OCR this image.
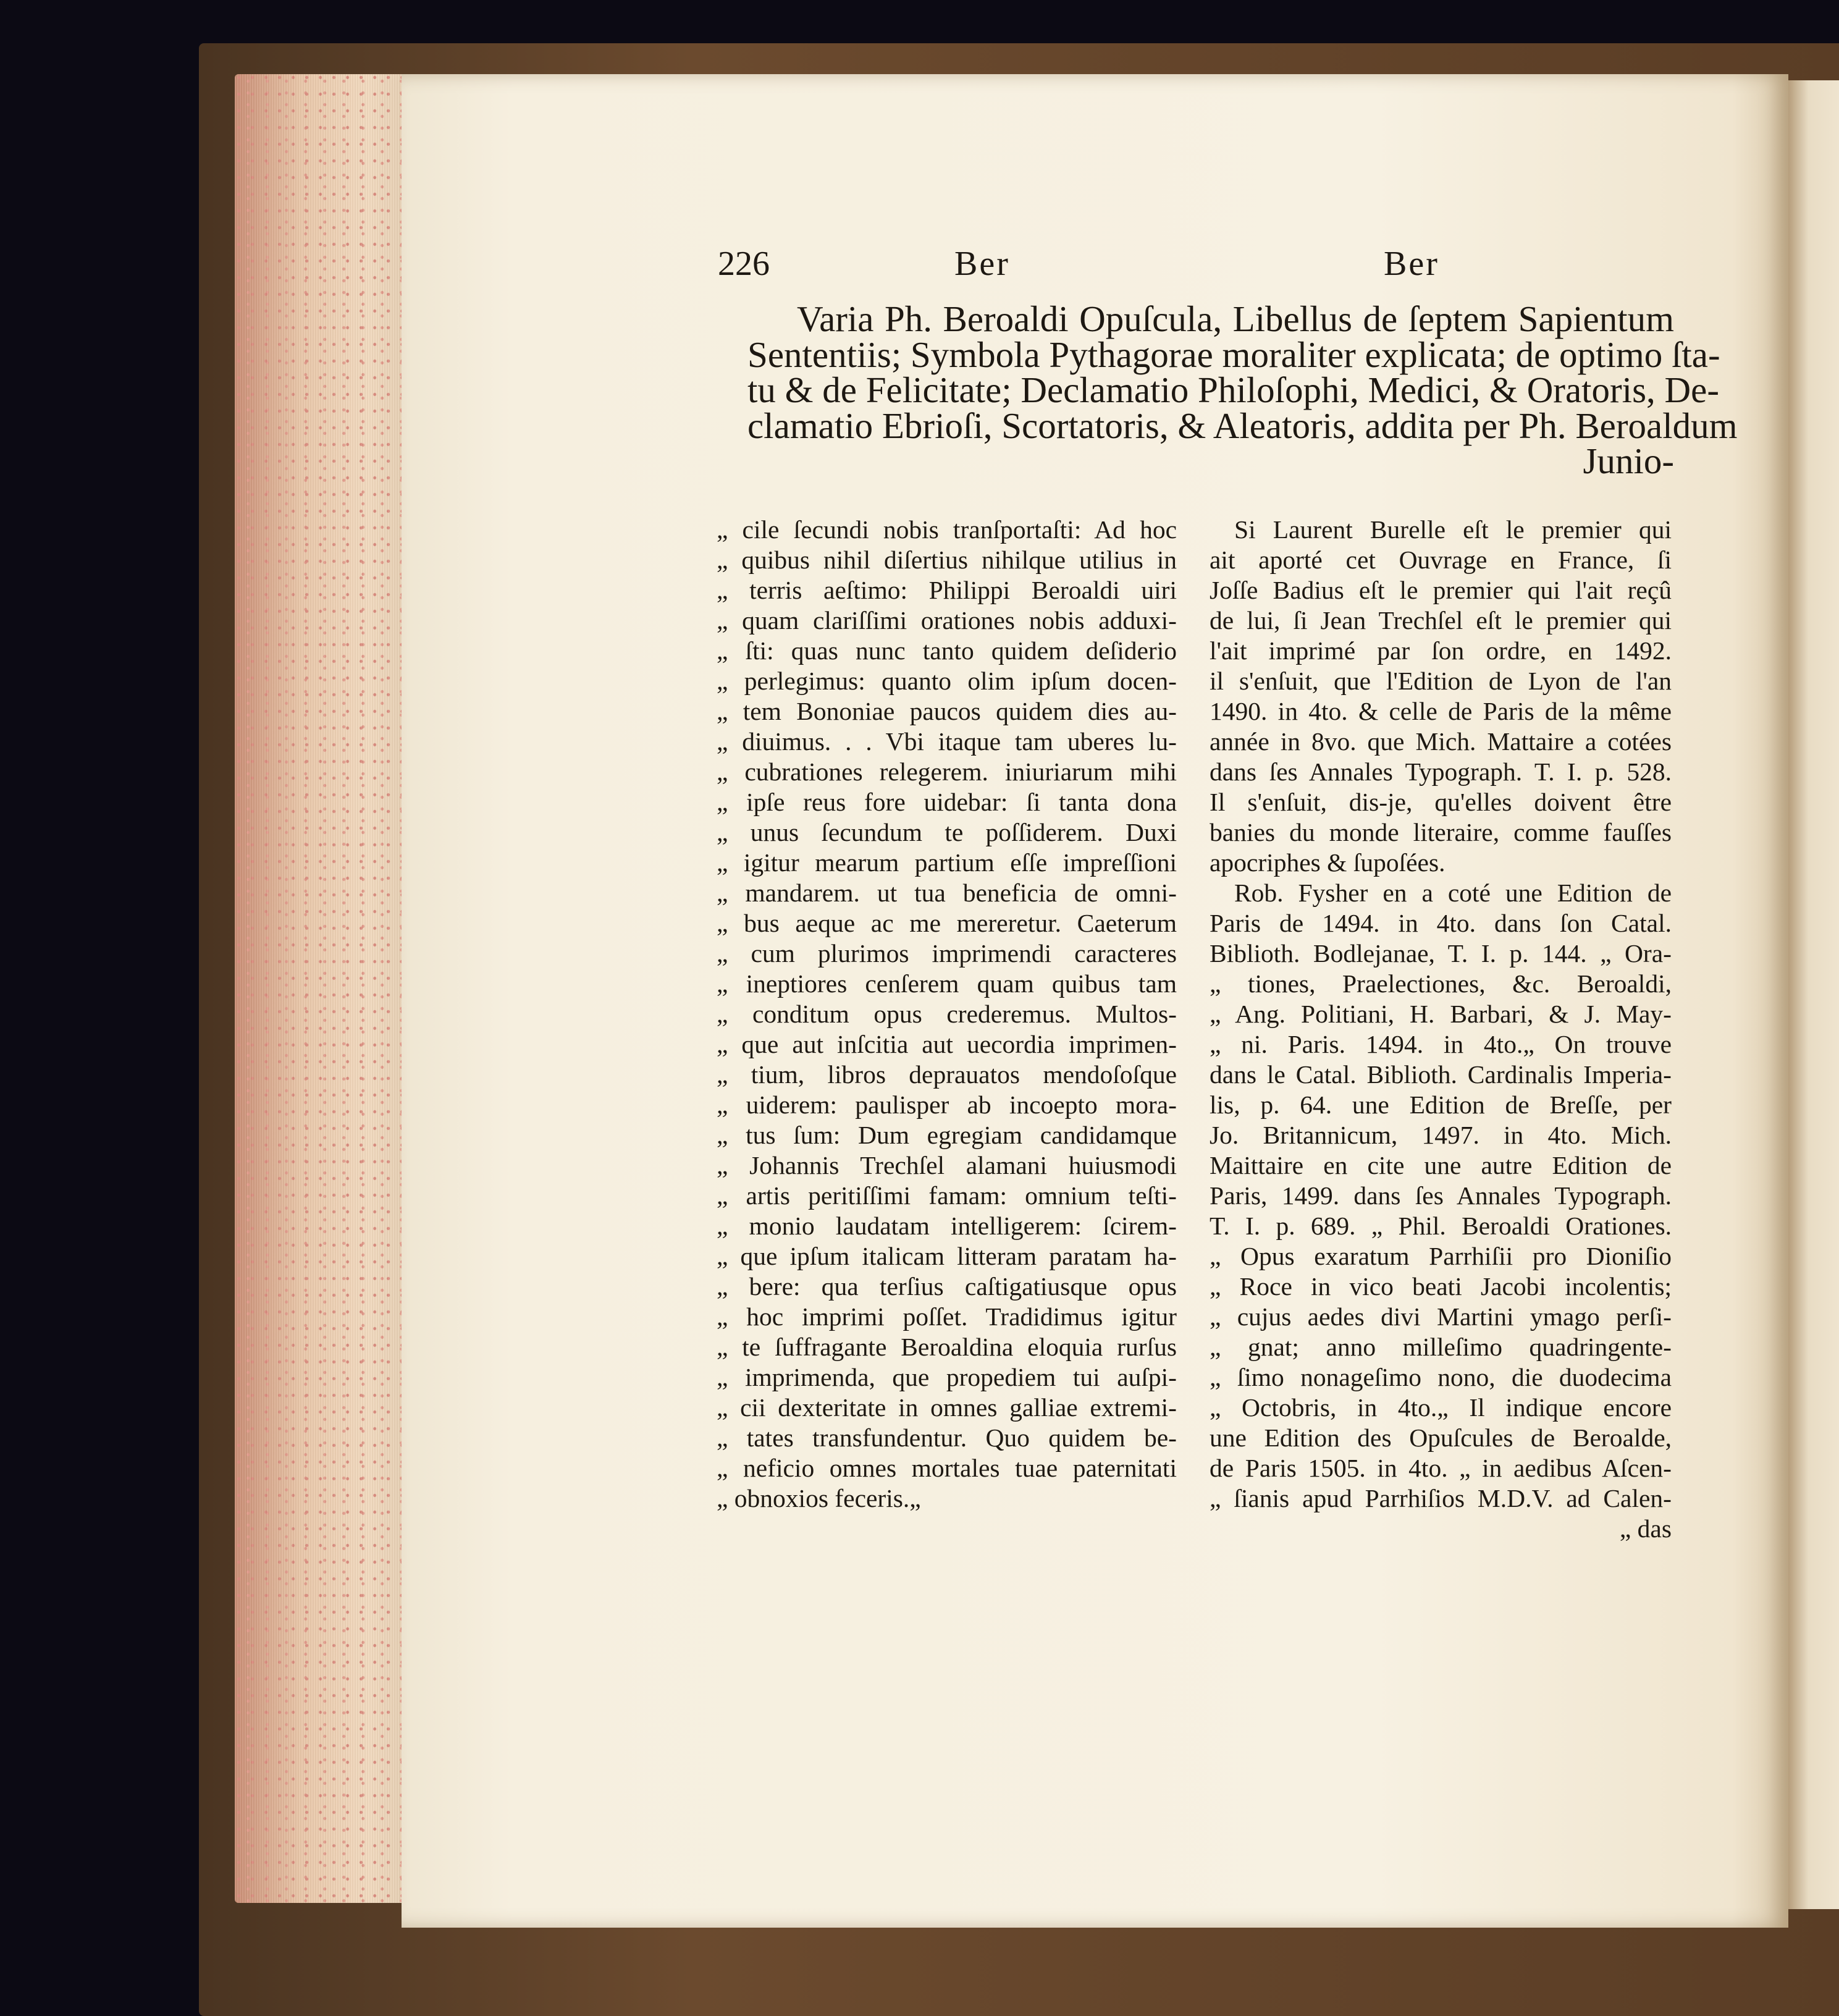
226	Ber	Ber
Varia Ph. Beroaldi Opuſcula, Libellus de ſeptem Sapientum
Sententiis; Symbola Pythagorae moraliter explicata; de optimo ſta-
tu & de Felicitate; Declamatio Philoſophi, Medici, & Oratoris, De-
clamatio Ebrioſi, Scortatoris, & Aleatoris, addita per Ph. Beroaldum
Junio-
„ cile ſecundi nobis tranſportaſti: Ad hoc
„ quibus nihil diſertius nihilque utilius in
„ terris aeſtimo: Philippi Beroaldi uiri
„ quam clariſſimi orationes nobis adduxi-
„ ſti: quas nunc tanto quidem deſiderio
„ perlegimus: quanto olim ipſum docen-
„ tem Bononiae paucos quidem dies au-
„ diuimus. . . Vbi itaque tam uberes lu-
„ cubrationes relegerem. iniuriarum mihi
„ ipſe reus fore uidebar: ſi tanta dona
„ unus ſecundum te poſſiderem. Duxi
„ igitur mearum partium eſſe impreſſioni
„ mandarem. ut tua beneficia de omni-
„ bus aeque ac me mereretur. Caeterum
„ cum plurimos imprimendi caracteres
„ ineptiores cenſerem quam quibus tam
„ conditum opus crederemus. Multos-
„ que aut inſcitia aut uecordia imprimen-
„ tium, libros deprauatos mendoſoſque
„ uiderem: paulisper ab incoepto mora-
„ tus ſum: Dum egregiam candidamque
„ Johannis Trechſel alamani huiusmodi
„ artis peritiſſimi famam: omnium teſti-
„ monio laudatam intelligerem: ſcirem-
„ que ipſum italicam litteram paratam ha-
„ bere: qua terſius caſtigatiusque opus
„ hoc imprimi poſſet. Tradidimus igitur
„ te ſuffragante Beroaldina eloquia rurſus
„ imprimenda, que propediem tui auſpi-
„ cii dexteritate in omnes galliae extremi-
„ tates transfundentur. Quo quidem be-
„ neficio omnes mortales tuae paternitati
„ obnoxios feceris.„
Si Laurent Burelle eſt le premier qui
ait aporté cet Ouvrage en France, ſi
Joſſe Badius eſt le premier qui l'ait reçû
de lui, ſi Jean Trechſel eſt le premier qui
l'ait imprimé par ſon ordre, en 1492.
il s'enſuit, que l'Edition de Lyon de l'an
1490. in 4to. & celle de Paris de la même
année in 8vo. que Mich. Mattaire a cotées
dans ſes Annales Typograph. T. I. p. 528.
Il s'enſuit, dis-je, qu'elles doivent être
banies du monde literaire, comme fauſſes
apocriphes & ſupoſées.
Rob. Fysher en a coté une Edition de
Paris de 1494. in 4to. dans ſon Catal.
Biblioth. Bodlejanae, T. I. p. 144. „ Ora-
„ tiones, Praelectiones, &c. Beroaldi,
„ Ang. Politiani, H. Barbari, & J. May-
„ ni. Paris. 1494. in 4to.„ On trouve
dans le Catal. Biblioth. Cardinalis Imperia-
lis, p. 64. une Edition de Breſſe, per
Jo. Britannicum, 1497. in 4to. Mich.
Maittaire en cite une autre Edition de
Paris, 1499. dans ſes Annales Typograph.
T. I. p. 689. „ Phil. Beroaldi Orationes.
„ Opus exaratum Parrhiſii pro Dioniſio
„ Roce in vico beati Jacobi incolentis;
„ cujus aedes divi Martini ymago perſi-
„ gnat; anno milleſimo quadringente-
„ ſimo nonageſimo nono, die duodecima
„ Octobris, in 4to.„ Il indique encore
une Edition des Opuſcules de Beroalde,
de Paris 1505. in 4to. „ in aedibus Aſcen-
„ ſianis apud Parrhiſios M.D.V. ad Calen-
„ das
